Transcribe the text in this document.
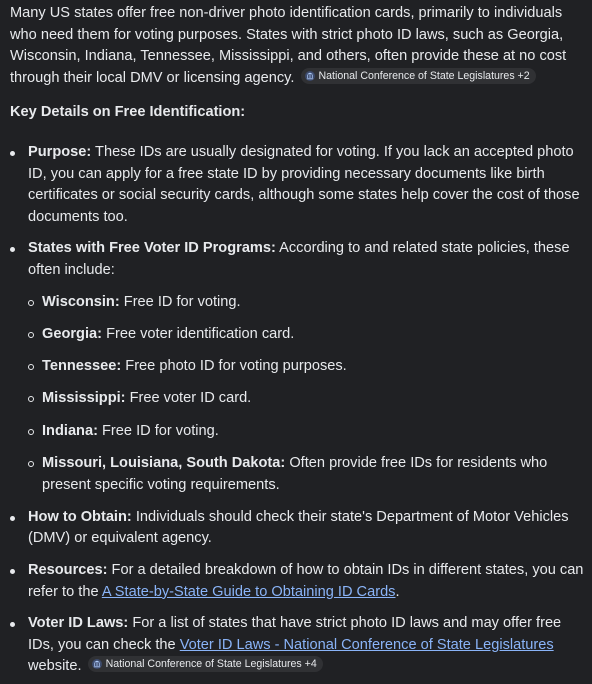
Many US states offer free non-driver photo identification cards, primarily to individuals who need them for voting purposes. States with strict photo ID laws, such as Georgia, Wisconsin, Indiana, Tennessee, Mississippi, and others, often provide these at no cost through their local DMV or licensing agency. National Conference of State Legislatures +2

Key Details on Free Identification:

Purpose: These IDs are usually designated for voting. If you lack an accepted photo ID, you can apply for a free state ID by providing necessary documents like birth certificates or social security cards, although some states help cover the cost of those documents too.
States with Free Voter ID Programs: According to and related state policies, these often include:
Wisconsin: Free ID for voting.
Georgia: Free voter identification card.
Tennessee: Free photo ID for voting purposes.
Mississippi: Free voter ID card.
Indiana: Free ID for voting.
Missouri, Louisiana, South Dakota: Often provide free IDs for residents who present specific voting requirements.
How to Obtain: Individuals should check their state's Department of Motor Vehicles (DMV) or equivalent agency.
Resources: For a detailed breakdown of how to obtain IDs in different states, you can refer to the A State-by-State Guide to Obtaining ID Cards.
Voter ID Laws: For a list of states that have strict photo ID laws and may offer free IDs, you can check the Voter ID Laws - National Conference of State Legislatures website. National Conference of State Legislatures +4
